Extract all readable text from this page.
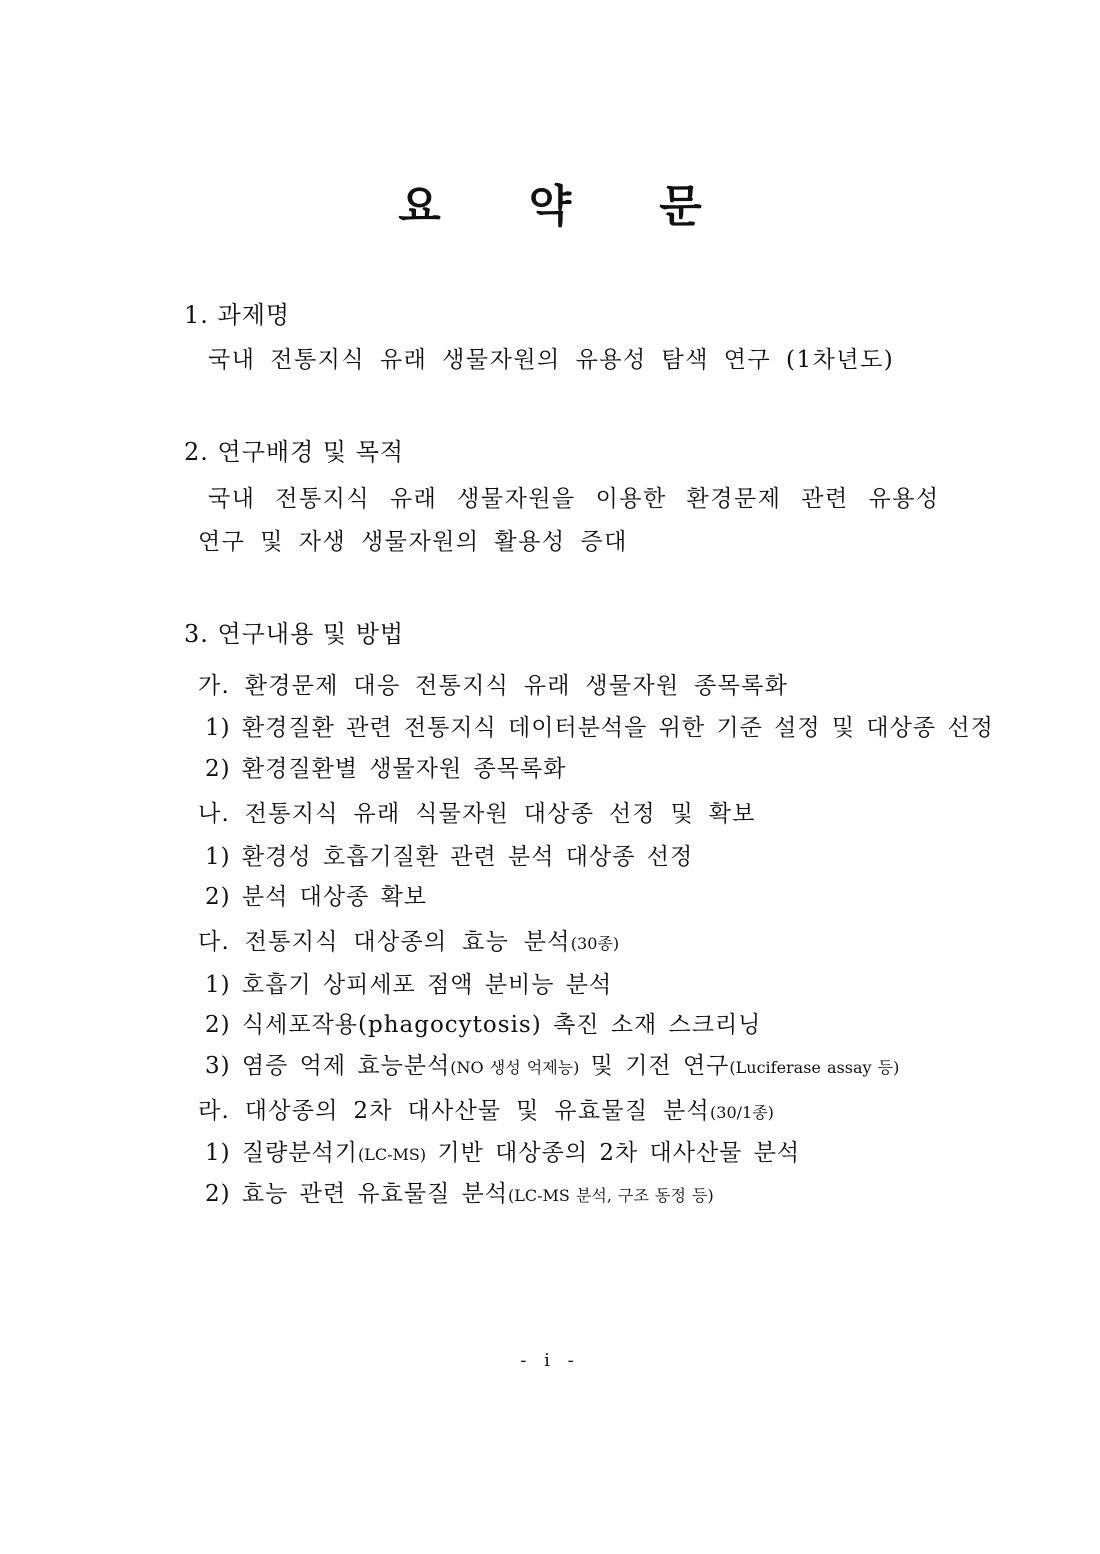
요 약 문
1. 과제명
국내 전통지식 유래 생물자원의 유용성 탐색 연구 (1차년도)
2. 연구배경 및 목적
국내 전통지식 유래 생물자원을 이용한 환경문제 관련 유용성
연구 및 자생 생물자원의 활용성 증대
3. 연구내용 및 방법
가. 환경문제 대응 전통지식 유래 생물자원 종목록화
1) 환경질환 관련 전통지식 데이터분석을 위한 기준 설정 및 대상종 선정
2) 환경질환별 생물자원 종목록화
나. 전통지식 유래 식물자원 대상종 선정 및 확보
1) 환경성 호흡기질환 관련 분석 대상종 선정
2) 분석 대상종 확보
다. 전통지식 대상종의 효능 분석(30종)
1) 호흡기 상피세포 점액 분비능 분석
2) 식세포작용(phagocytosis) 촉진 소재 스크리닝
3) 염증 억제 효능분석(NO 생성 억제능) 및 기전 연구(Luciferase assay 등)
라. 대상종의 2차 대사산물 및 유효물질 분석(30/1종)
1) 질량분석기(LC-MS) 기반 대상종의 2차 대사산물 분석
2) 효능 관련 유효물질 분석(LC-MS 분석, 구조 동정 등)
- i -
